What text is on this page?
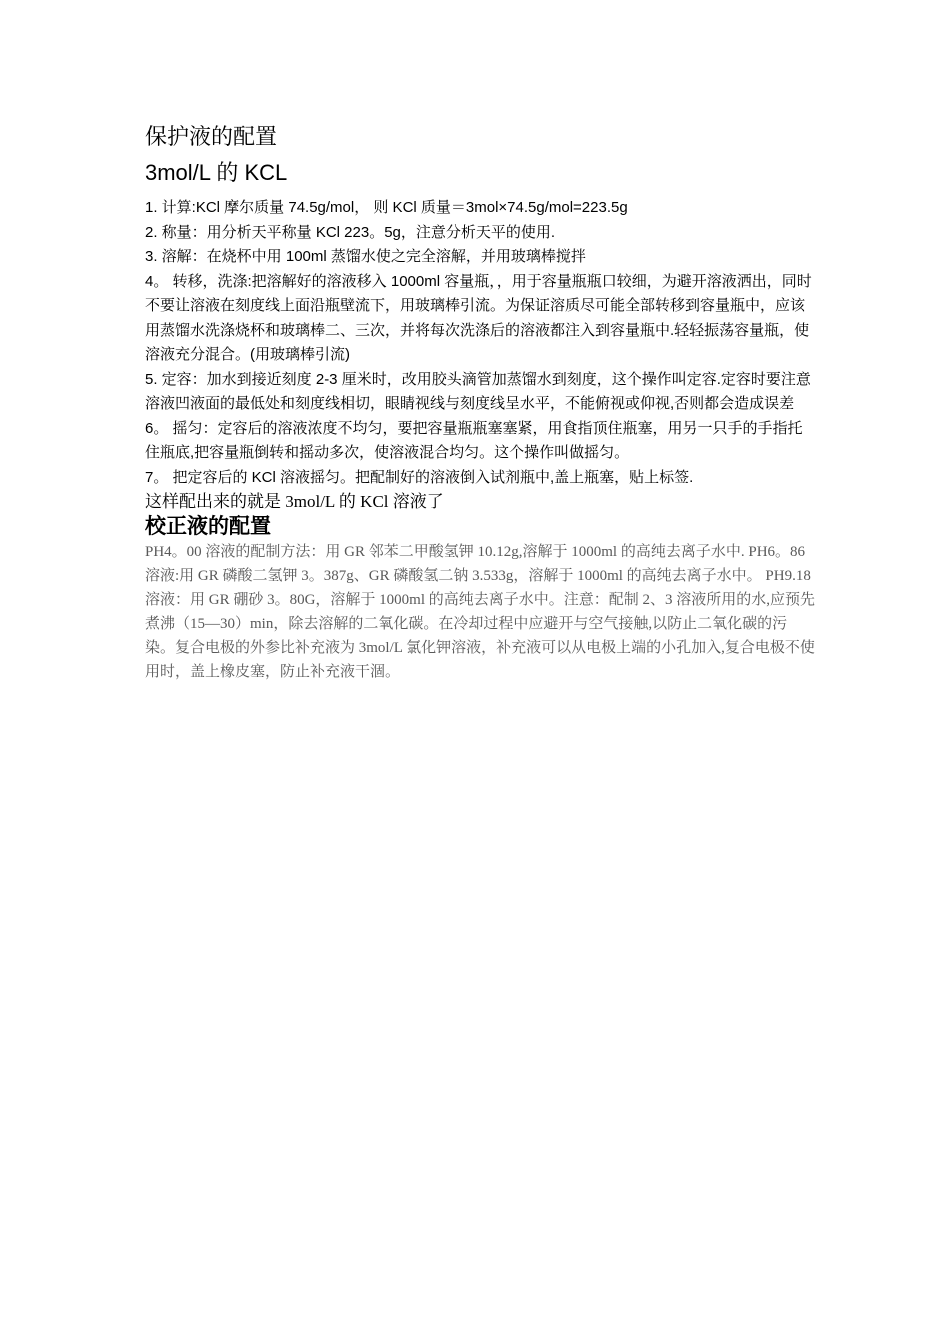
保护液的配置
3mol/L 的 KCL

1. 计算:KCl 摩尔质量 74.5g/mol， 则 KCl 质量＝3mol×74.5g/mol=223.5g

2. 称量：用分析天平称量 KCl 223。5g，注意分析天平的使用.

3. 溶解：在烧杯中用 100ml 蒸馏水使之完全溶解，并用玻璃棒搅拌

4。 转移，洗涤:把溶解好的溶液移入 1000ml 容量瓶，，用于容量瓶瓶口较细，为避开溶液洒出，同时不要让溶液在刻度线上面沿瓶壁流下，用玻璃棒引流。为保证溶质尽可能全部转移到容量瓶中，应该用蒸馏水洗涤烧杯和玻璃棒二、三次，并将每次洗涤后的溶液都注入到容量瓶中.轻轻振荡容量瓶，使溶液充分混合。(用玻璃棒引流)

5. 定容：加水到接近刻度 2-3 厘米时，改用胶头滴管加蒸馏水到刻度，这个操作叫定容.定容时要注意溶液凹液面的最低处和刻度线相切，眼睛视线与刻度线呈水平，不能俯视或仰视,否则都会造成误差

6。 摇匀：定容后的溶液浓度不均匀，要把容量瓶瓶塞塞紧，用食指顶住瓶塞，用另一只手的手指托住瓶底,把容量瓶倒转和摇动多次，使溶液混合均匀。这个操作叫做摇匀。

7。 把定容后的 KCl 溶液摇匀。把配制好的溶液倒入试剂瓶中,盖上瓶塞，贴上标签.

这样配出来的就是 3mol/L 的 KCl 溶液了

校正液的配置

PH4。00 溶液的配制方法：用 GR 邻苯二甲酸氢钾 10.12g,溶解于 1000ml 的高纯去离子水中. PH6。86 溶液:用 GR 磷酸二氢钾 3。387g、GR 磷酸氢二钠 3.533g，溶解于 1000ml 的高纯去离子水中。 PH9.18 溶液：用 GR 硼砂 3。80G，溶解于 1000ml 的高纯去离子水中。注意：配制 2、3 溶液所用的水,应预先煮沸（15—30）min，除去溶解的二氧化碳。在冷却过程中应避开与空气接触,以防止二氧化碳的污染。复合电极的外参比补充液为 3mol/L 氯化钾溶液，补充液可以从电极上端的小孔加入,复合电极不使用时，盖上橡皮塞，防止补充液干涸。
